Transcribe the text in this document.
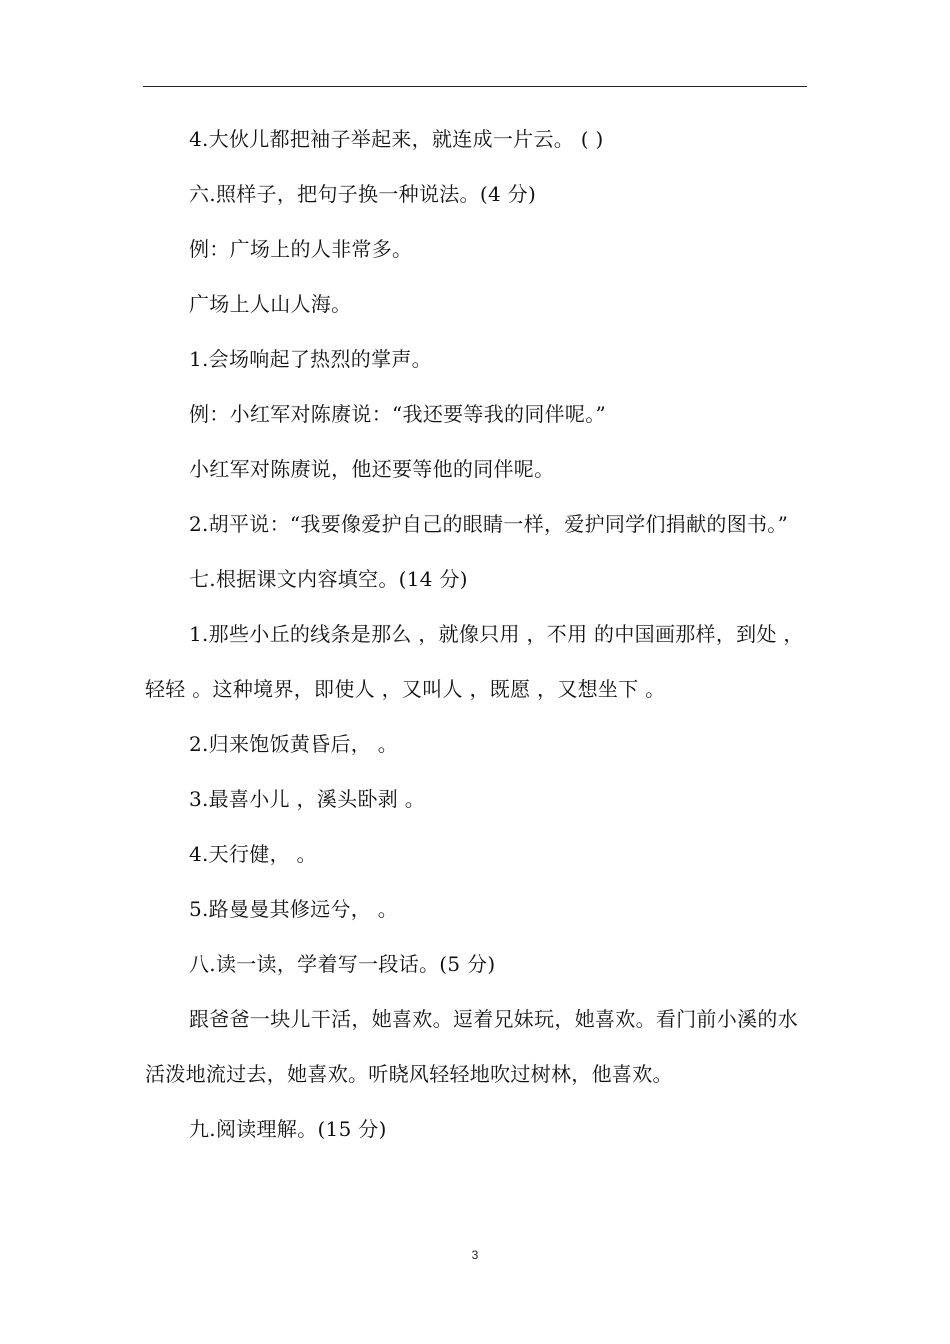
4.大伙儿都把袖子举起来，就连成一片云。 ( )

六.照样子，把句子换一种说法。(4 分)

例：广场上的人非常多。

广场上人山人海。

1.会场响起了热烈的掌声。

例：小红军对陈赓说：“我还要等我的同伴呢。”

小红军对陈赓说，他还要等他的同伴呢。

2.胡平说：“我要像爱护自己的眼睛一样，爱护同学们捐献的图书。”

七.根据课文内容填空。(14 分)

1.那些小丘的线条是那么 ，就像只用 ，不用 的中国画那样，到处 ，轻轻 。这种境界，即使人 ，又叫人 ，既愿 ，又想坐下 。

2.归来饱饭黄昏后， 。

3.最喜小儿 ，溪头卧剥 。

4.天行健， 。

5.路曼曼其修远兮， 。

八.读一读，学着写一段话。(5 分)

跟爸爸一块儿干活，她喜欢。逗着兄妹玩，她喜欢。看门前小溪的水活泼地流过去，她喜欢。听晓风轻轻地吹过树林，他喜欢。

九.阅读理解。(15 分)

3
